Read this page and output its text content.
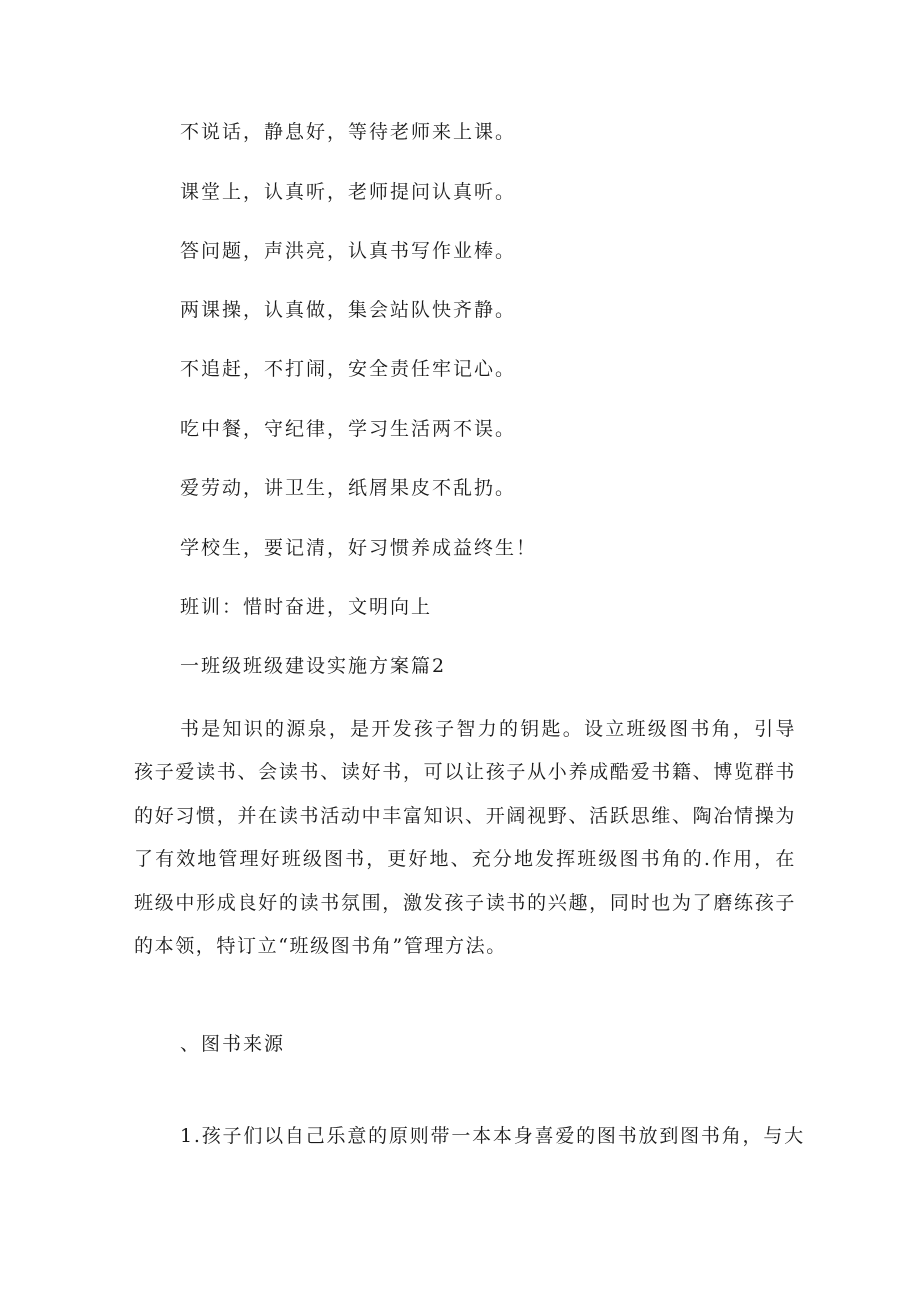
不说话，静息好，等待老师来上课。
课堂上，认真听，老师提问认真听。
答问题，声洪亮，认真书写作业棒。
两课操，认真做，集会站队快齐静。
不追赶，不打闹，安全责任牢记心。
吃中餐，守纪律，学习生活两不误。
爱劳动，讲卫生，纸屑果皮不乱扔。
学校生，要记清，好习惯养成益终生！
班训：惜时奋进，文明向上
一班级班级建设实施方案篇2

书是知识的源泉，是开发孩子智力的钥匙。设立班级图书角，引导孩子爱读书、会读书、读好书，可以让孩子从小养成酷爱书籍、博览群书的好习惯，并在读书活动中丰富知识、开阔视野、活跃思维、陶冶情操为了有效地管理好班级图书，更好地、充分地发挥班级图书角的.作用，在班级中形成良好的读书氛围，激发孩子读书的兴趣，同时也为了磨练孩子的本领，特订立“班级图书角”管理方法。

、图书来源
1.孩子们以自己乐意的原则带一本本身喜爱的图书放到图书角，与大
